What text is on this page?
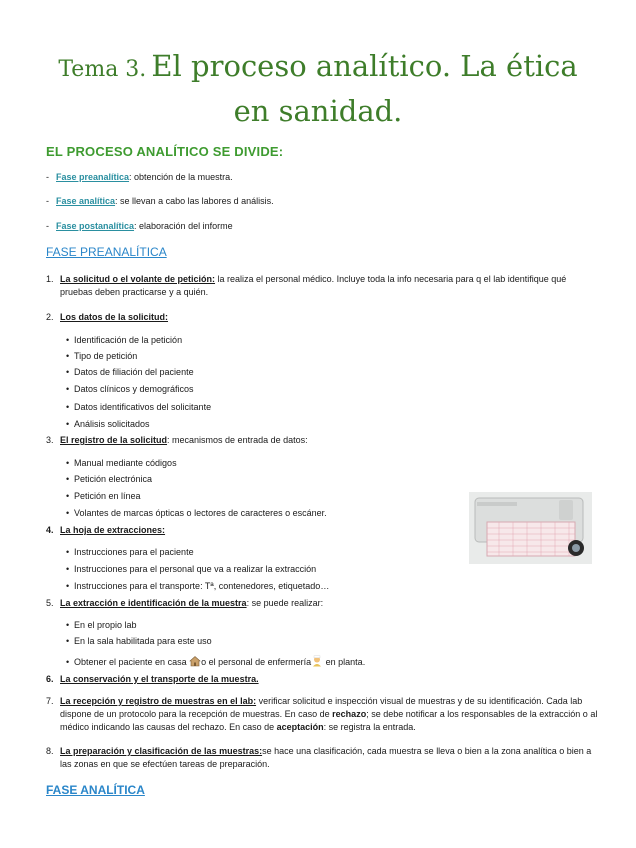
Tema 3. El proceso analítico. La ética
en sanidad.
EL PROCESO ANALÍTICO SE DIVIDE:
- Fase preanalítica: obtención de la muestra.
- Fase analítica: se llevan a cabo las labores d análisis.
- Fase postanalítica: elaboración del informe
FASE PREANALÍTICA
1. La solicitud o el volante de petición: la realiza el personal médico. Incluye toda la info necesaria para q el lab identifique qué pruebas deben practicarse y a quién.
2. Los datos de la solicitud:
• Identificación de la petición
• Tipo de petición
• Datos de filiación del paciente
• Datos clínicos y demográficos
• Datos identificativos del solicitante
• Análisis solicitados
3. El registro de la solicitud: mecanismos de entrada de datos:
• Manual mediante códigos
• Petición electrónica
• Petición en línea
• Volantes de marcas ópticas o lectores de caracteres o escáner.
4. La hoja de extracciones:
• Instrucciones para el paciente
• Instrucciones para el personal que va a realizar la extracción
• Instrucciones para el transporte: Tª, contenedores, etiquetado…
5. La extracción e identificación de la muestra: se puede realizar:
• En el propio lab
• En la sala habilitada para este uso
• Obtener el paciente en casa o el personal de enfermería en planta.
6. La conservación y el transporte de la muestra.
7. La recepción y registro de muestras en el lab: verificar solicitud e inspección visual de muestras y de su identificación. Cada lab dispone de un protocolo para la recepción de muestras. En caso de rechazo; se debe notificar a los responsables de la extracción o al médico indicando las causas del rechazo. En caso de aceptación: se registra la entrada.
8. La preparación y clasificación de las muestras:se hace una clasificación, cada muestra se lleva o bien a la zona analítica o bien a las zonas en que se efectúen tareas de preparación.
FASE ANALÍTICA
